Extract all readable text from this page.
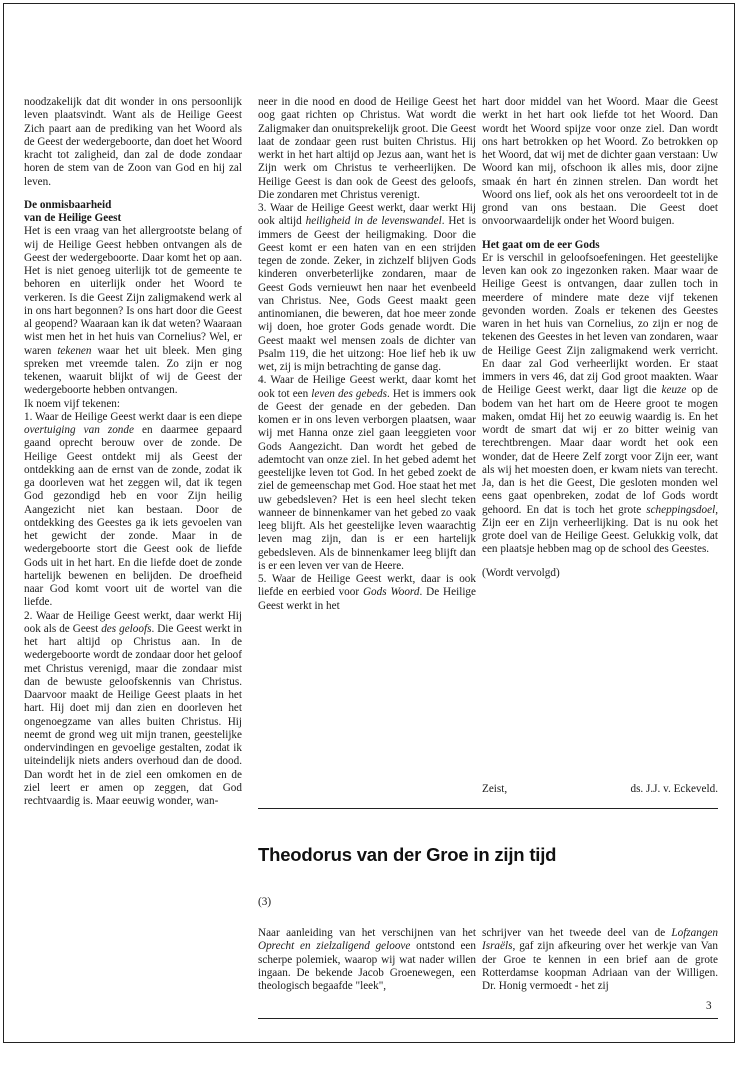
noodzakelijk dat dit wonder in ons persoonlijk leven plaatsvindt. Want als de Heilige Geest Zich paart aan de prediking van het Woord als de Geest der wedergeboorte, dan doet het Woord kracht tot zaligheid, dan zal de dode zondaar horen de stem van de Zoon van God en hij zal leven.

De onmisbaarheid
van de Heilige Geest

Het is een vraag van het allergrootste belang of wij de Heilige Geest hebben ontvangen als de Geest der wedergeboorte. Daar komt het op aan. Het is niet genoeg uiterlijk tot de gemeente te behoren en uiterlijk onder het Woord te verkeren. Is die Geest Zijn zaligmakend werk al in ons hart begonnen? Is ons hart door die Geest al geopend? Waaraan kan ik dat weten? Waaraan wist men het in het huis van Cornelius? Wel, er waren tekenen waar het uit bleek. Men ging spreken met vreemde talen. Zo zijn er nog tekenen, waaruit blijkt of wij de Geest der wedergeboorte hebben ontvangen.

Ik noem vijf tekenen:

1. Waar de Heilige Geest werkt daar is een diepe overtuiging van zonde en daarmee gepaard gaand oprecht berouw over de zonde. De Heilige Geest ontdekt mij als Geest der ontdekking aan de ernst van de zonde, zodat ik ga doorleven wat het zeggen wil, dat ik tegen God gezondigd heb en voor Zijn heilig Aangezicht niet kan bestaan. Door de ontdekking des Geestes ga ik iets gevoelen van het gewicht der zonde. Maar in de wedergeboorte stort die Geest ook de liefde Gods uit in het hart. En die liefde doet de zonde hartelijk bewenen en belijden. De droefheid naar God komt voort uit de wortel van die liefde.

2. Waar de Heilige Geest werkt, daar werkt Hij ook als de Geest des geloofs. Die Geest werkt in het hart altijd op Christus aan. In de wedergeboorte wordt de zondaar door het geloof met Christus verenigd, maar die zondaar mist dan de bewuste geloofskennis van Christus. Daarvoor maakt de Heilige Geest plaats in het hart. Hij doet mij dan zien en doorleven het ongenoegzame van alles buiten Christus. Hij neemt de grond weg uit mijn tranen, geestelijke ondervindingen en gevoelige gestalten, zodat ik uiteindelijk niets anders overhoud dan de dood. Dan wordt het in de ziel een omkomen en de ziel leert er amen op zeggen, dat God rechtvaardig is. Maar eeuwig wonder, wan-

neer in die nood en dood de Heilige Geest het oog gaat richten op Christus. Wat wordt die Zaligmaker dan onuitsprekelijk groot. Die Geest laat de zondaar geen rust buiten Christus. Hij werkt in het hart altijd op Jezus aan, want het is Zijn werk om Christus te verheerlijken. De Heilige Geest is dan ook de Geest des geloofs, Die zondaren met Christus verenigt.

3. Waar de Heilige Geest werkt, daar werkt Hij ook altijd heiligheid in de levenswandel. Het is immers de Geest der heiligmaking. Door die Geest komt er een haten van en een strijden tegen de zonde. Zeker, in zichzelf blijven Gods kinderen onverbeterlijke zondaren, maar de Geest Gods vernieuwt hen naar het evenbeeld van Christus. Nee, Gods Geest maakt geen antinomianen, die beweren, dat hoe meer zonde wij doen, hoe groter Gods genade wordt. Die Geest maakt wel mensen zoals de dichter van Psalm 119, die het uitzong: Hoe lief heb ik uw wet, zij is mijn betrachting de ganse dag.

4. Waar de Heilige Geest werkt, daar komt het ook tot een leven des gebeds. Het is immers ook de Geest der genade en der gebeden. Dan komen er in ons leven verborgen plaatsen, waar wij met Hanna onze ziel gaan leeggieten voor Gods Aangezicht. Dan wordt het gebed de ademtocht van onze ziel. In het gebed ademt het geestelijke leven tot God. In het gebed zoekt de ziel de gemeenschap met God. Hoe staat het met uw gebedsleven? Het is een heel slecht teken wanneer de binnenkamer van het gebed zo vaak leeg blijft. Als het geestelijke leven waarachtig leven mag zijn, dan is er een hartelijk gebedsleven. Als de binnenkamer leeg blijft dan is er een leven ver van de Heere.

5. Waar de Heilige Geest werkt, daar is ook liefde en eerbied voor Gods Woord. De Heilige Geest werkt in het

hart door middel van het Woord. Maar die Geest werkt in het hart ook liefde tot het Woord. Dan wordt het Woord spijze voor onze ziel. Dan wordt ons hart betrokken op het Woord. Zo betrokken op het Woord, dat wij met de dichter gaan verstaan: Uw Woord kan mij, ofschoon ik alles mis, door zijne smaak én hart én zinnen strelen. Dan wordt het Woord ons lief, ook als het ons veroordeelt tot in de grond van ons bestaan. Die Geest doet onvoorwaardelijk onder het Woord buigen.

Het gaat om de eer Gods

Er is verschil in geloofsoefeningen. Het geestelijke leven kan ook zo ingezonken raken. Maar waar de Heilige Geest is ontvangen, daar zullen toch in meerdere of mindere mate deze vijf tekenen gevonden worden. Zoals er tekenen des Geestes waren in het huis van Cornelius, zo zijn er nog de tekenen des Geestes in het leven van zondaren, waar de Heilige Geest Zijn zaligmakend werk verricht. En daar zal God verheerlijkt worden. Er staat immers in vers 46, dat zij God groot maakten. Waar de Heilige Geest werkt, daar ligt die keuze op de bodem van het hart om de Heere groot te mogen maken, omdat Hij het zo eeuwig waardig is. En het wordt de smart dat wij er zo bitter weinig van terechtbrengen. Maar daar wordt het ook een wonder, dat de Heere Zelf zorgt voor Zijn eer, want als wij het moesten doen, er kwam niets van terecht. Ja, dan is het die Geest, Die gesloten monden wel eens gaat openbreken, zodat de lof Gods wordt gehoord. En dat is toch het grote scheppingsdoel, Zijn eer en Zijn verheerlijking. Dat is nu ook het grote doel van de Heilige Geest. Gelukkig volk, dat een plaatsje hebben mag op de school des Geestes.

(Wordt vervolgd)

Zeist,	ds. J.J. v. Eckeveld.
Theodorus van der Groe in zijn tijd
(3)

Naar aanleiding van het verschijnen van het Oprecht en zielzaligend geloove ontstond een scherpe polemiek, waarop wij wat nader willen ingaan. De bekende Jacob Groenewegen, een theologisch begaafde "leek",

schrijver van het tweede deel van de Lofzangen Israëls, gaf zijn afkeuring over het werkje van Van der Groe te kennen in een brief aan de grote Rotterdamse koopman Adriaan van der Willigen. Dr. Honig vermoedt - het zij

3
